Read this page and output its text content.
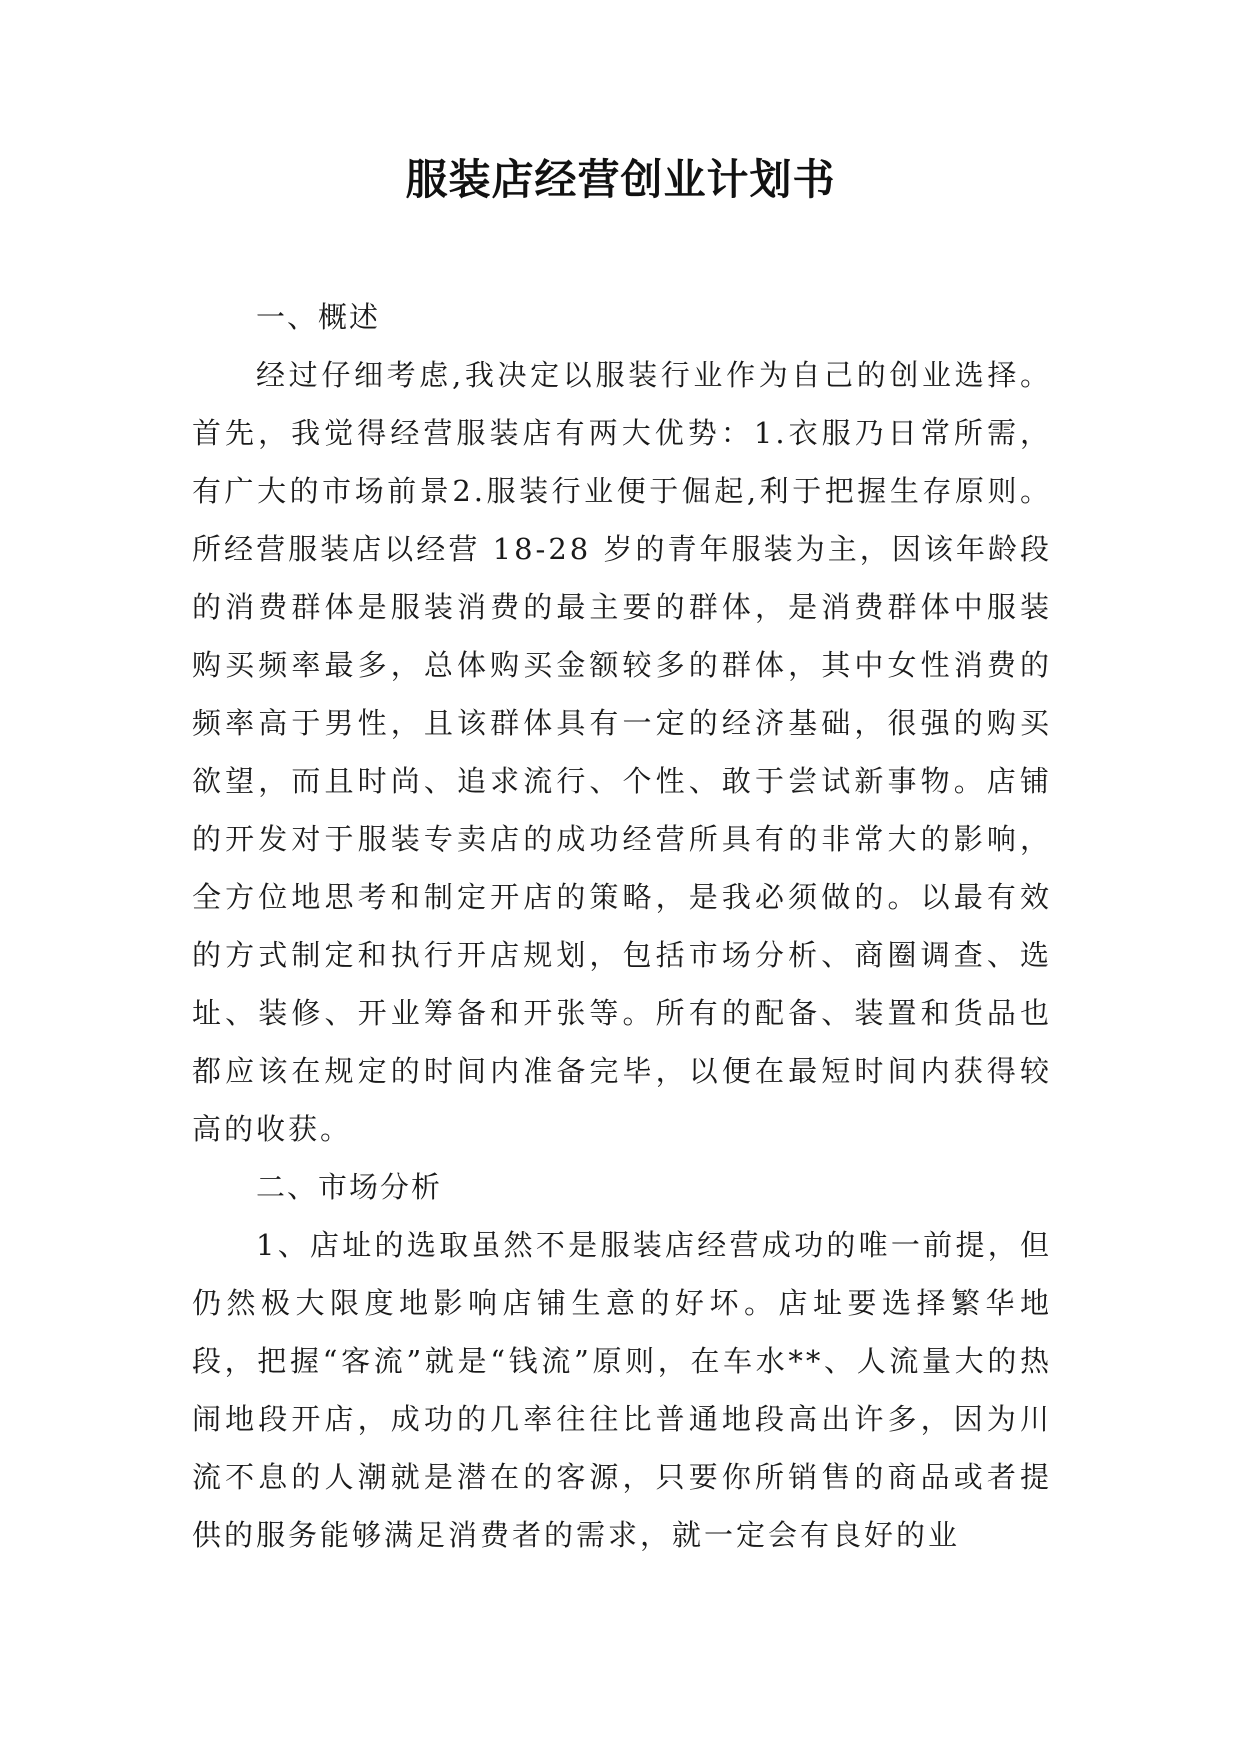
服装店经营创业计划书
一、概述
经过仔细考虑,我决定以服装行业作为自己的创业选择。首先，我觉得经营服装店有两大优势：1.衣服乃日常所需，有广大的市场前景2.服装行业便于倔起,利于把握生存原则。所经营服装店以经营 18-28 岁的青年服装为主，因该年龄段的消费群体是服装消费的最主要的群体，是消费群体中服装购买频率最多，总体购买金额较多的群体，其中女性消费的频率高于男性，且该群体具有一定的经济基础，很强的购买欲望，而且时尚、追求流行、个性、敢于尝试新事物。店铺的开发对于服装专卖店的成功经营所具有的非常大的影响，全方位地思考和制定开店的策略，是我必须做的。以最有效的方式制定和执行开店规划，包括市场分析、商圈调查、选址、装修、开业筹备和开张等。所有的配备、装置和货品也都应该在规定的时间内准备完毕，以便在最短时间内获得较高的收获。
二、市场分析
1、店址的选取虽然不是服装店经营成功的唯一前提，但仍然极大限度地影响店铺生意的好坏。店址要选择繁华地段，把握“客流”就是“钱流”原则，在车水**、人流量大的热闹地段开店，成功的几率往往比普通地段高出许多，因为川流不息的人潮就是潜在的客源，只要你所销售的商品或者提供的服务能够满足消费者的需求，就一定会有良好的业
